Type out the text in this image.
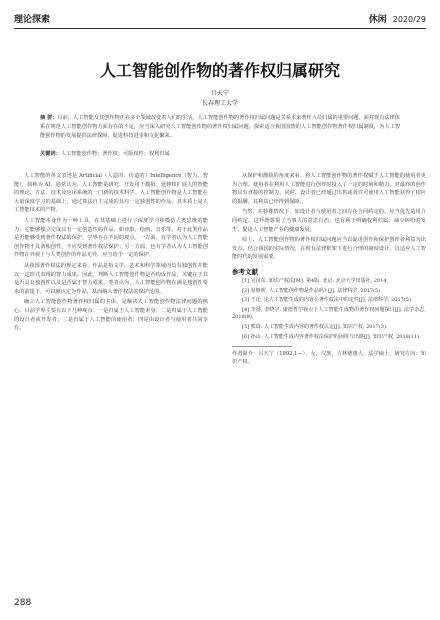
理论探索	休闲 2020/29
人工智能创作物的著作权归属研究
吕天宁
长春理工大学
摘 要：目前，人工智能及其创作物正在多个领域改变着人们的生活。人工智能创作物的著作权归属问题是关系未来著作人员归属的重要问题。面对现有法律体系在规范人工智能创作物方面存在的不足，应当深入研究人工智能创作物的著作权归属问题，探索适合我国国情的人工智能创作物著作权归属制度，为人工智能创作物的发展提供法律保障，促进科技进步和文化繁荣。
关键词：人工智能创作物；著作权；可版权性；权利归属

人工智能的英文表述是 Artificial（人造的、仿造的）Intelligence（智力、智能），简称为 AI。通常认为，人工智能是研究、开发用于模拟、延伸和扩展人的智能的理论、方法、技术及应用系统的一门新的技术科学。人工智能创作物是人工智能在大量深度学习的基础上，通过算法自主完成的具有一定独创性的作品，其本质上是人工智能技术的产物。

人工智能本身作为一种工具，在其基础上进行了深度学习和模仿人类思维的能力，它能够独立完成具有一定创造性的作品，如诗歌、绘画、音乐等。对于此类作品是否能够受到著作权法的保护，学界存在不同的观点。一方面，有学者认为人工智能创作物不具备独创性，不应受到著作权法保护；另一方面，也有学者认为人工智能创作物在外观上与人类创作的作品无异，应当给予一定的保护。

从我国著作权法的规定来看，作品是指文学、艺术和科学领域内具有独创性并能以一定形式表现的智力成果。因此，判断人工智能创作物是否构成作品，关键在于其是否具有独创性以及是否属于智力成果。笔者认为，人工智能创作物在满足独创性要求的前提下，可以被认定为作品，从而纳入著作权法的保护范围。

确立人工智能创作物著作权归属的主体，是解决人工智能创作物法律问题的核心。目前学界主要有以下几种观点：一是归属于人工智能本身；二是归属于人工智能的设计者或开发者；三是归属于人工智能的使用者；四是由设计者与使用者共同享有。

从保护和激励的角度来看，将人工智能创作物的著作权赋予人工智能的使用者更为合理。使用者在利用人工智能进行创作时投入了一定的时间和精力，对最终的创作物具有直接的控制力。同时，设计者已经通过出售或者许可使用人工智能获得了相应的报酬，其利益已经得到保障。

当然，在特殊情况下，如设计者与使用者之间存在合同约定的，应当优先适用合同约定。这样既尊重了当事人的意思自治，也有利于明确权利归属，减少纠纷的发生，促进人工智能产业的健康发展。

综上，人工智能创作物的著作权归属问题应当以促进创作和保护创作者利益为出发点，结合我国的实际情况，在现有法律框架下进行合理的制度设计，以适应人工智能时代的发展需要。

参考文献

[1] 吴汉东. 知识产权法[M]. 第4版. 北京: 北京大学出版社, 2014.

[2] 易继明. 人工智能创作物是作品吗? [J]. 法律科学, 2017(5).

[3] 王迁. 论人工智能生成的内容在著作权法中的定性[J]. 法律科学, 2017(5).

[4] 李扬, 李晓宇. 康德哲学视点下人工智能生成物的著作权问题探讨[J]. 法学杂志, 2018(9).

[5] 熊琦. 人工智能生成内容的著作权认定[J]. 知识产权, 2017(3).

[6] 孙山. 人工智能生成内容著作权法保护的困境与出路[J]. 知识产权, 2018(11).

作者简介：吕天宁（1992.1—），女，汉族，吉林德惠人，法学硕士，研究方向：知识产权。
288
